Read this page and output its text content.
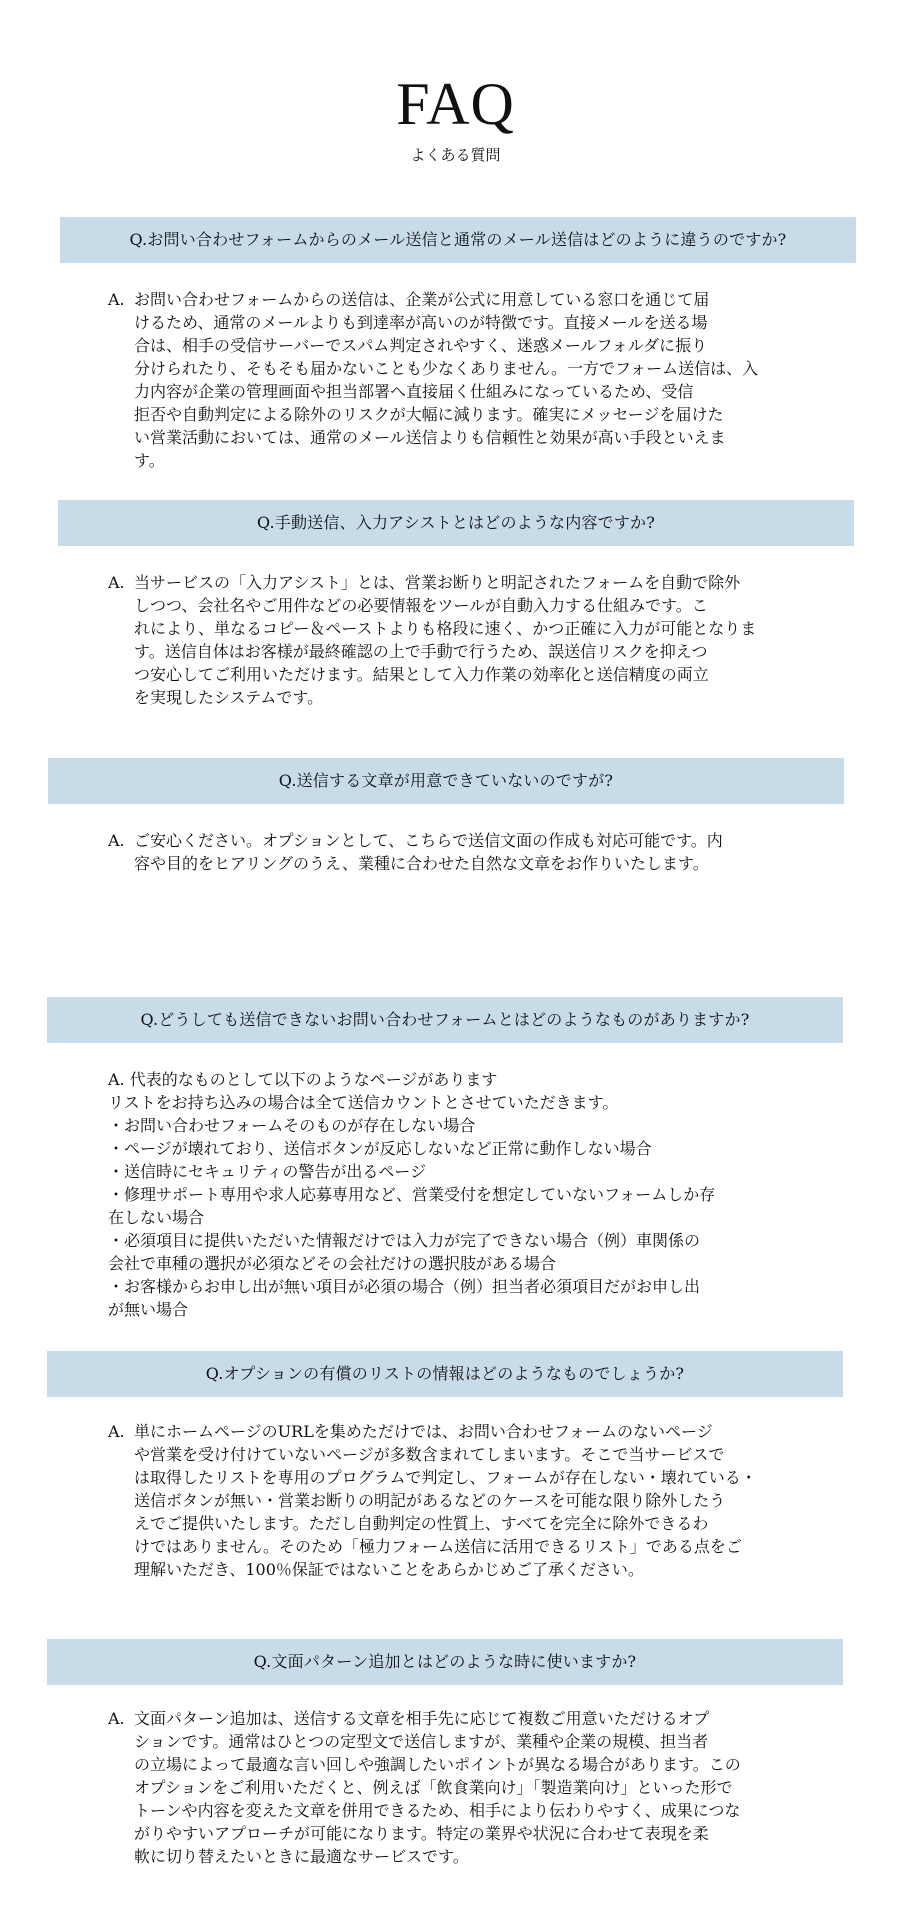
FAQ
よくある質問
Q.お問い合わせフォームからのメール送信と通常のメール送信はどのように違うのですか?
A. お問い合わせフォームからの送信は、企業が公式に用意している窓口を通じて届
けるため、通常のメールよりも到達率が高いのが特徴です。直接メールを送る場
合は、相手の受信サーバーでスパム判定されやすく、迷惑メールフォルダに振り
分けられたり、そもそも届かないことも少なくありません。一方でフォーム送信は、入
力内容が企業の管理画面や担当部署へ直接届く仕組みになっているため、受信
拒否や自動判定による除外のリスクが大幅に減ります。確実にメッセージを届けた
い営業活動においては、通常のメール送信よりも信頼性と効果が高い手段といえま
す。
Q.手動送信、入力アシストとはどのような内容ですか?
A. 当サービスの「入力アシスト」とは、営業お断りと明記されたフォームを自動で除外
しつつ、会社名やご用件などの必要情報をツールが自動入力する仕組みです。こ
れにより、単なるコピー＆ペーストよりも格段に速く、かつ正確に入力が可能となりま
す。送信自体はお客様が最終確認の上で手動で行うため、誤送信リスクを抑えつ
つ安心してご利用いただけます。結果として入力作業の効率化と送信精度の両立
を実現したシステムです。
Q.送信する文章が用意できていないのですが?
A. ご安心ください。オプションとして、こちらで送信文面の作成も対応可能です。内
容や目的をヒアリングのうえ、業種に合わせた自然な文章をお作りいたします。
Q.どうしても送信できないお問い合わせフォームとはどのようなものがありますか?
A. 代表的なものとして以下のようなページがあります
リストをお持ち込みの場合は全て送信カウントとさせていただきます。
・お問い合わせフォームそのものが存在しない場合
・ページが壊れており、送信ボタンが反応しないなど正常に動作しない場合
・送信時にセキュリティの警告が出るページ
・修理サポート専用や求人応募専用など、営業受付を想定していないフォームしか存
在しない場合
・必須項目に提供いただいた情報だけでは入力が完了できない場合（例）車関係の
会社で車種の選択が必須などその会社だけの選択肢がある場合
・お客様からお申し出が無い項目が必須の場合（例）担当者必須項目だがお申し出
が無い場合
Q.オプションの有償のリストの情報はどのようなものでしょうか?
A. 単にホームページのURLを集めただけでは、お問い合わせフォームのないページ
や営業を受け付けていないページが多数含まれてしまいます。そこで当サービスで
は取得したリストを専用のプログラムで判定し、フォームが存在しない・壊れている・
送信ボタンが無い・営業お断りの明記があるなどのケースを可能な限り除外したう
えでご提供いたします。ただし自動判定の性質上、すべてを完全に除外できるわ
けではありません。そのため「極力フォーム送信に活用できるリスト」である点をご
理解いただき、100％保証ではないことをあらかじめご了承ください。
Q.文面パターン追加とはどのような時に使いますか?
A. 文面パターン追加は、送信する文章を相手先に応じて複数ご用意いただけるオプ
ションです。通常はひとつの定型文で送信しますが、業種や企業の規模、担当者
の立場によって最適な言い回しや強調したいポイントが異なる場合があります。この
オプションをご利用いただくと、例えば「飲食業向け」「製造業向け」といった形で
トーンや内容を変えた文章を併用できるため、相手により伝わりやすく、成果につな
がりやすいアプローチが可能になります。特定の業界や状況に合わせて表現を柔
軟に切り替えたいときに最適なサービスです。
